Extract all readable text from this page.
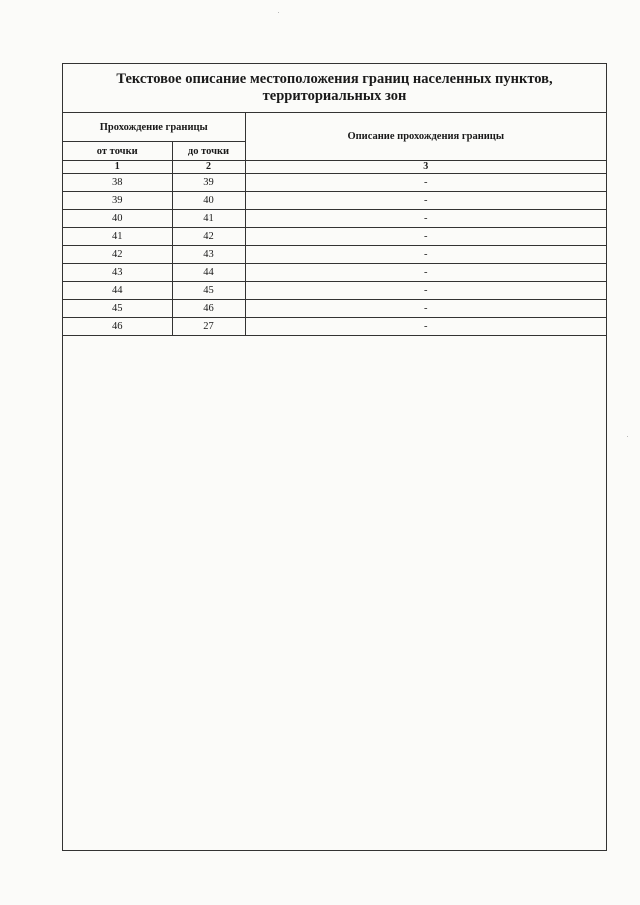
Текстовое описание местоположения границ населенных пунктов, территориальных зон
Прохождение границы		Описание прохождения границы
от точки	до точки	
1	2	3
38	39	-
39	40	-
40	41	-
41	42	-
42	43	-
43	44	-
44	45	-
45	46	-
46	27	-
